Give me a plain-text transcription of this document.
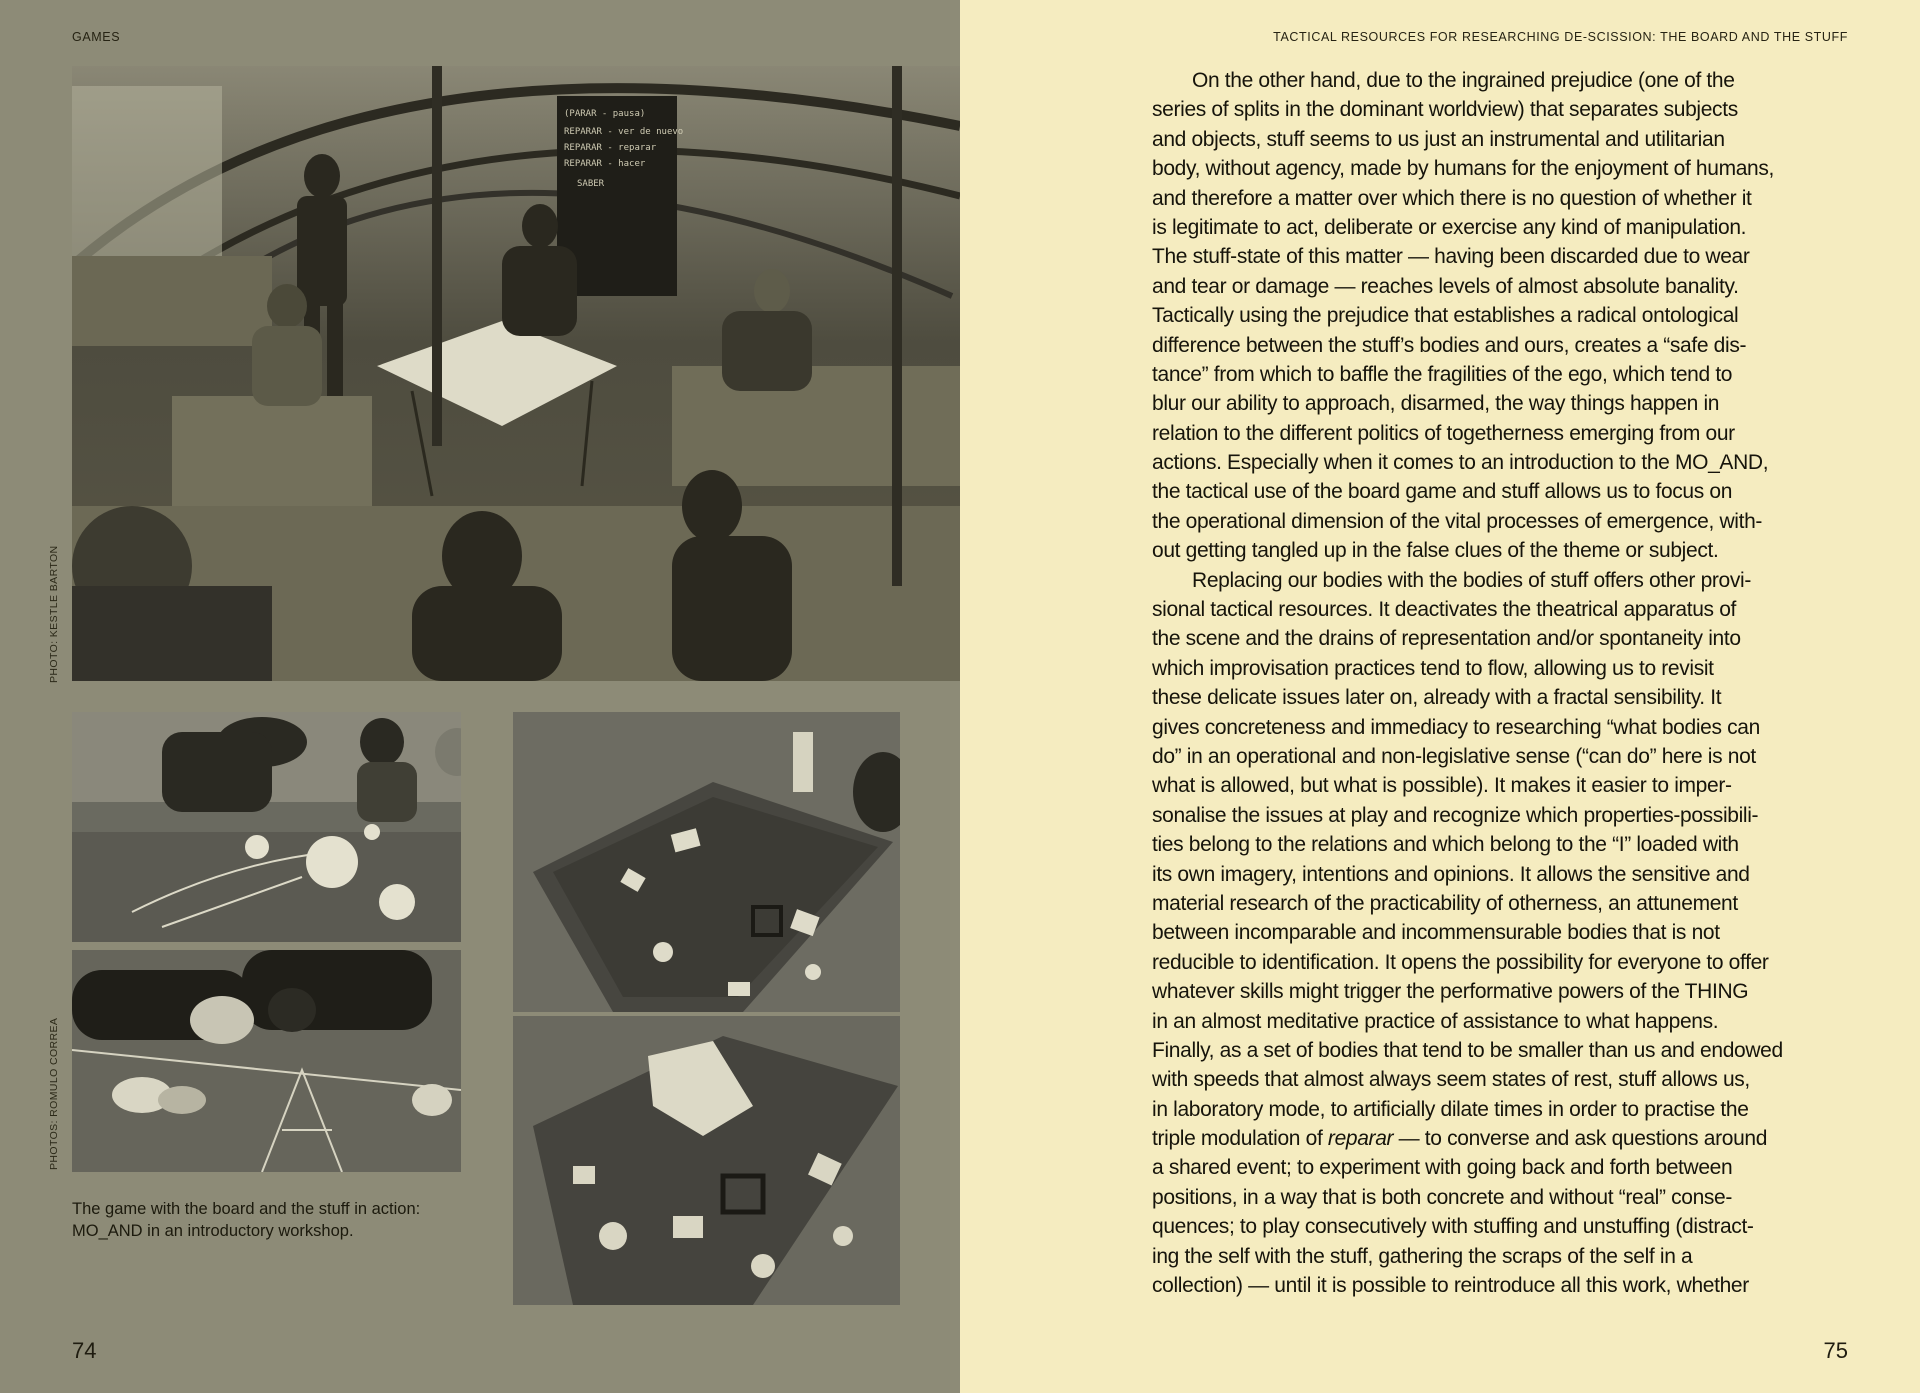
GAMES
(PARAR - pausa)
REPARAR - ver de nuevo
REPARAR - reparar
REPARAR - hacer
SABER
PHOTO: KESTLE BARTON
PHOTOS: ROMULO CORREA
The game with the board and the stuff in action:
MO_AND in an introductory workshop.
74
TACTICAL RESOURCES FOR RESEARCHING DE-SCISSION: THE BOARD AND THE STUFF
On the other hand, due to the ingrained prejudice (one of the
series of splits in the dominant worldview) that separates subjects
and objects, stuff seems to us just an instrumental and utilitarian
body, without agency, made by humans for the enjoyment of humans,
and therefore a matter over which there is no question of whether it
is legitimate to act, deliberate or exercise any kind of manipulation.
The stuff-state of this matter — having been discarded due to wear
and tear or damage — reaches levels of almost absolute banality.
Tactically using the prejudice that establishes a radical ontological
difference between the stuff’s bodies and ours, creates a “safe dis-
tance” from which to baffle the fragilities of the ego, which tend to
blur our ability to approach, disarmed, the way things happen in
relation to the different politics of togetherness emerging from our
actions. Especially when it comes to an introduction to the MO_AND,
the tactical use of the board game and stuff allows us to focus on
the operational dimension of the vital processes of emergence, with-
out getting tangled up in the false clues of the theme or subject.
Replacing our bodies with the bodies of stuff offers other provi-
sional tactical resources. It deactivates the theatrical apparatus of
the scene and the drains of representation and/or spontaneity into
which improvisation practices tend to flow, allowing us to revisit
these delicate issues later on, already with a fractal sensibility. It
gives concreteness and immediacy to researching “what bodies can
do” in an operational and non-legislative sense (“can do” here is not
what is allowed, but what is possible). It makes it easier to imper-
sonalise the issues at play and recognize which properties-possibili-
ties belong to the relations and which belong to the “I” loaded with
its own imagery, intentions and opinions. It allows the sensitive and
material research of the practicability of otherness, an attunement
between incomparable and incommensurable bodies that is not
reducible to identification. It opens the possibility for everyone to offer
whatever skills might trigger the performative powers of the THING
in an almost meditative practice of assistance to what happens.
Finally, as a set of bodies that tend to be smaller than us and endowed
with speeds that almost always seem states of rest, stuff allows us,
in laboratory mode, to artificially dilate times in order to practise the
triple modulation of reparar — to converse and ask questions around
a shared event; to experiment with going back and forth between
positions, in a way that is both concrete and without “real” conse-
quences; to play consecutively with stuffing and unstuffing (distract-
ing the self with the stuff, gathering the scraps of the self in a
collection) — until it is possible to reintroduce all this work, whether
75
